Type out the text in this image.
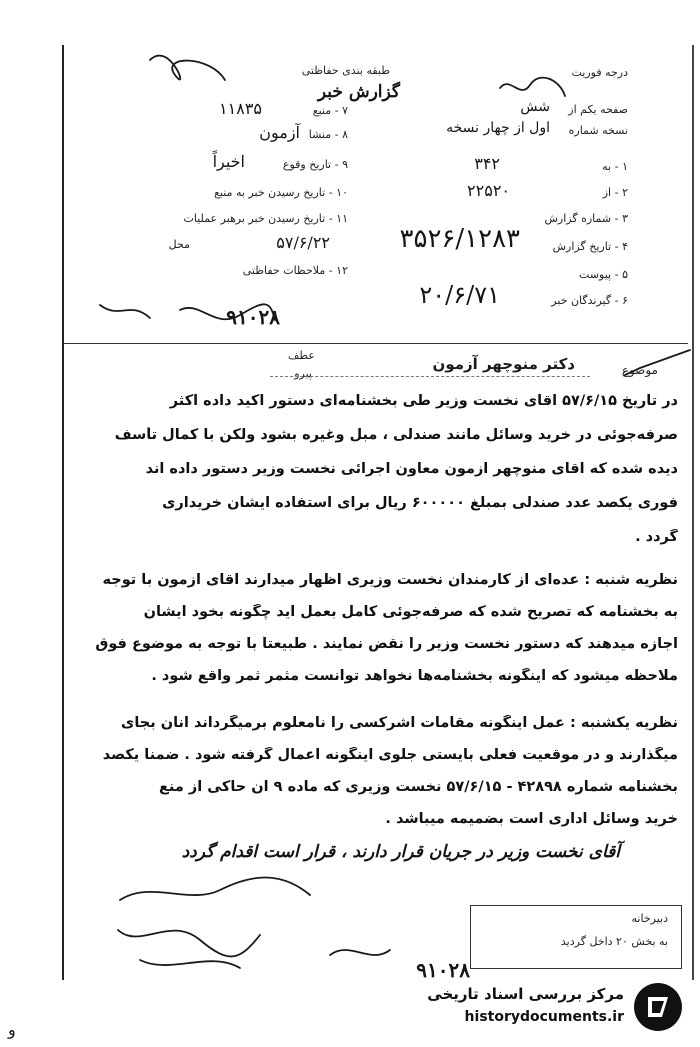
درجه فوریت
طبقه بندی حفاظتی
گزارش خبر
صفحه یکم از
شش
نسخه شماره
اول از چهار نسخه
۷ - منبع
۱۱۸۳۵
۸ - منشا
آزمون
۹ - تاریخ وقوع
اخیراً
۱۰ - تاریخ رسیدن خبر به منبع
۱۱ - تاریخ رسیدن خبر برهبر عملیات
محل	۵۷/۶/۲۲
۱۲ - ملاحظات حفاظتی
۱ - به
۳۴۲
۲ - از
۲۲۵۲۰
۳ - شماره گزارش
۴ - تاریخ گزارش
۳۵۲۶/۱۲۸۳
۵ - پیوست
۶ - گیرندگان خبر
۲۰/۶/۷۱
۹۱۰۲۸
عطف
پیرو	موضوع
دکتر منوچهر آزمون
در تاریخ ۵۷/۶/۱۵ آقای نخست وزیر طی بخشنامه‌ای دستور اکید داده اکثر
صرفه‌جوئی در خرید وسائل مانند صندلی ، مبل وغیره بشود ولکن با کمال تأسف
دیده شده که آقای منوچهر آزمون معاون اجرائی نخست وزیر دستور داده اند
فوری یکصد عدد صندلی بمبلغ ۶۰۰۰۰۰ ریال برای استفاده ایشان خریداری
گردد .
نظریه شنبه : عده‌ای از کارمندان نخست وزیری اظهار میدارند آقای آزمون با توجه
به بخشنامه که تصریح شده که صرفه‌جوئی کامل بعمل آید چگونه بخود ایشان
اجازه میدهند که دستور نخست وزیر را نقض نمایند . طبیعتاً با توجه به موضوع فوق
ملاحظه میشود که اینگونه بخشنامه‌ها نخواهد توانست مثمر ثمر واقع شود .
نظریه یکشنبه : عمل اینگونه مقامات اشرکسی را نامعلوم برمیگرداند آنان بجای
میگذارند و در موقعیت فعلی بایستی جلوی اینگونه اعمال گرفته شود . ضمناً یکصد
بخشنامه شماره ۴۲۸۹۸ - ۵۷/۶/۱۵ نخست وزیری که ماده ۹ آن حاکی از منع
خرید وسائل اداری است بضمیمه میباشد .
آقای نخست وزیر در جریان قرار دارند ، قرار است اقدام گردد
دبیرخانه
به بخش ۲۰ داخل گردید
۹۱۰۲۸
و
مرکز بررسی اسناد تاریخی
historydocuments.ir
